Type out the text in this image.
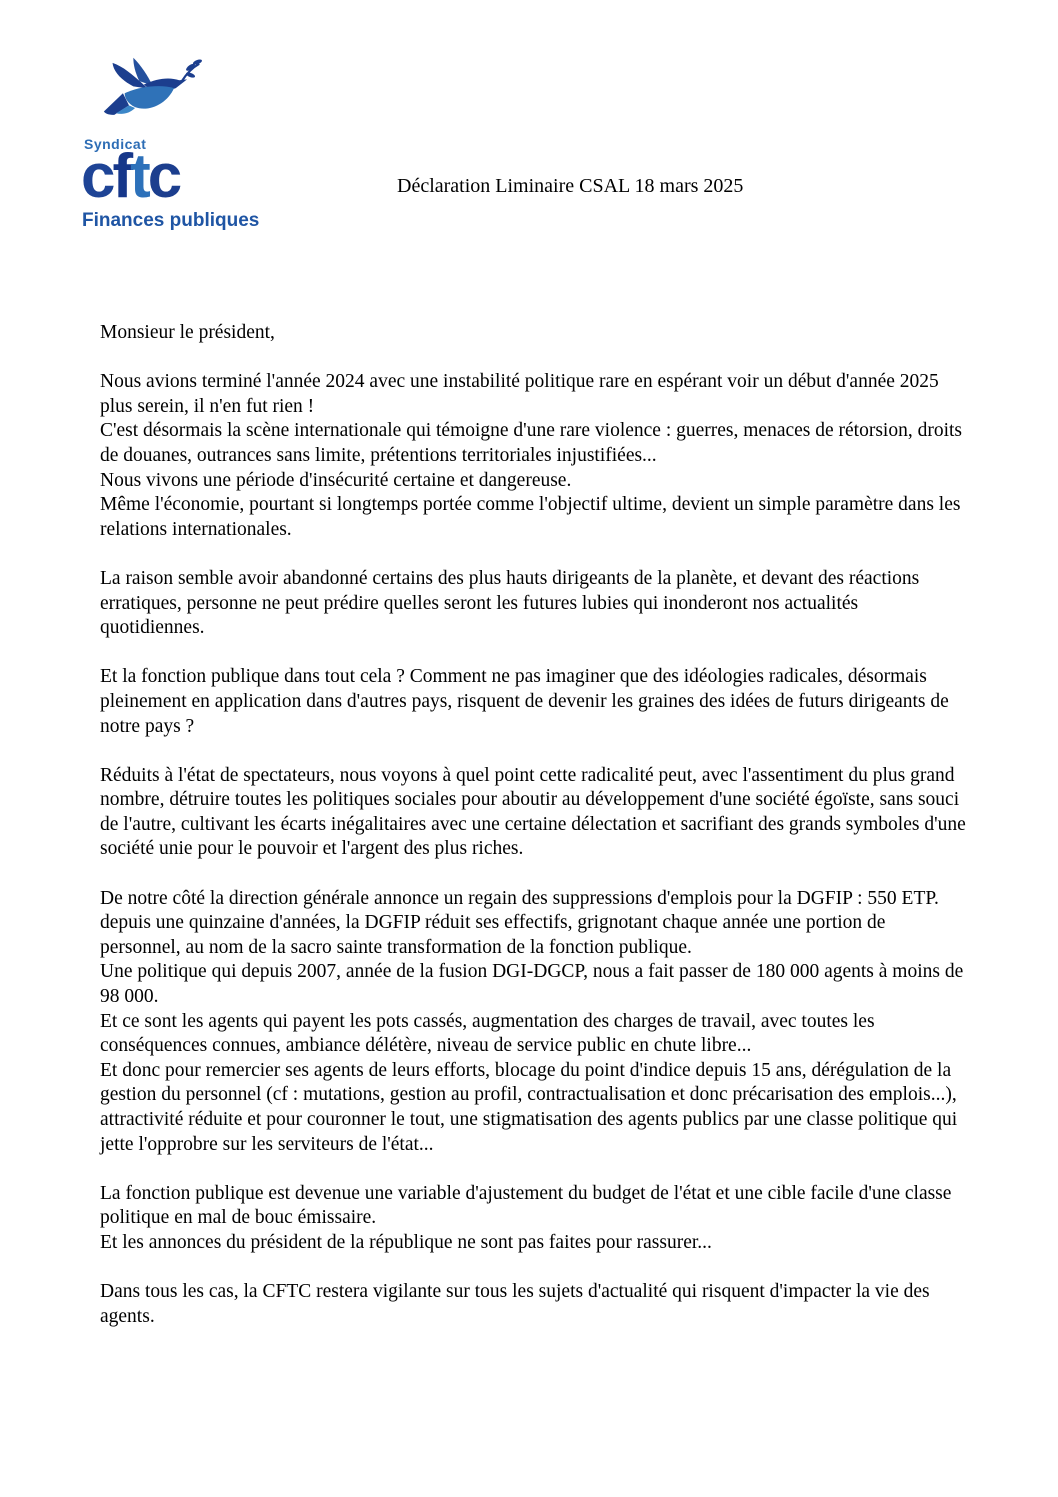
Syndicat
cftc
Finances publiques
Déclaration Liminaire CSAL 18 mars 2025

Monsieur le président,

Nous avions terminé l'année 2024 avec une instabilité politique rare en espérant voir un début d'année 2025 plus serein, il n'en fut rien !

C'est désormais la scène internationale qui témoigne d'une rare violence : guerres, menaces de rétorsion, droits de douanes, outrances sans limite, prétentions territoriales injustifiées...

Nous vivons une période d'insécurité certaine et dangereuse.

Même l'économie, pourtant si longtemps portée comme l'objectif ultime, devient un simple paramètre dans les relations internationales.

La raison semble avoir abandonné certains des plus hauts dirigeants de la planète, et devant des réactions erratiques, personne ne peut prédire quelles seront les futures lubies qui inonderont nos actualités quotidiennes.

Et la fonction publique dans tout cela ? Comment ne pas imaginer que des idéologies radicales, désormais pleinement en application dans d'autres pays, risquent de devenir les graines des idées de futurs dirigeants de notre pays ?

Réduits à l'état de spectateurs, nous voyons à quel point cette radicalité peut, avec l'assentiment du plus grand nombre, détruire toutes les politiques sociales pour aboutir au développement d'une société égoïste, sans souci de l'autre, cultivant les écarts inégalitaires avec une certaine délectation et sacrifiant des grands symboles d'une société unie pour le pouvoir et l'argent des plus riches.

De notre côté la direction générale annonce un regain des suppressions d'emplois pour la DGFIP : 550 ETP. depuis une quinzaine d'années, la DGFIP réduit ses effectifs, grignotant chaque année une portion de personnel, au nom de la sacro sainte transformation de la fonction publique.

Une politique qui depuis 2007, année de la fusion DGI-DGCP, nous a fait passer de 180 000 agents à moins de 98 000.

Et ce sont les agents qui payent les pots cassés, augmentation des charges de travail, avec toutes les conséquences connues, ambiance délétère, niveau de service public en chute libre...

Et donc pour remercier ses agents de leurs efforts, blocage du point d'indice depuis 15 ans, dérégulation de la gestion du personnel (cf : mutations, gestion au profil, contractualisation et donc précarisation des emplois...), attractivité réduite et pour couronner le tout, une stigmatisation des agents publics par une classe politique qui jette l'opprobre sur les serviteurs de l'état...

La fonction publique est devenue une variable d'ajustement du budget de l'état et une cible facile d'une classe politique en mal de bouc émissaire.

Et les annonces du président de la république ne sont pas faites pour rassurer...

Dans tous les cas, la CFTC restera vigilante sur tous les sujets d'actualité qui risquent d'impacter la vie des agents.
